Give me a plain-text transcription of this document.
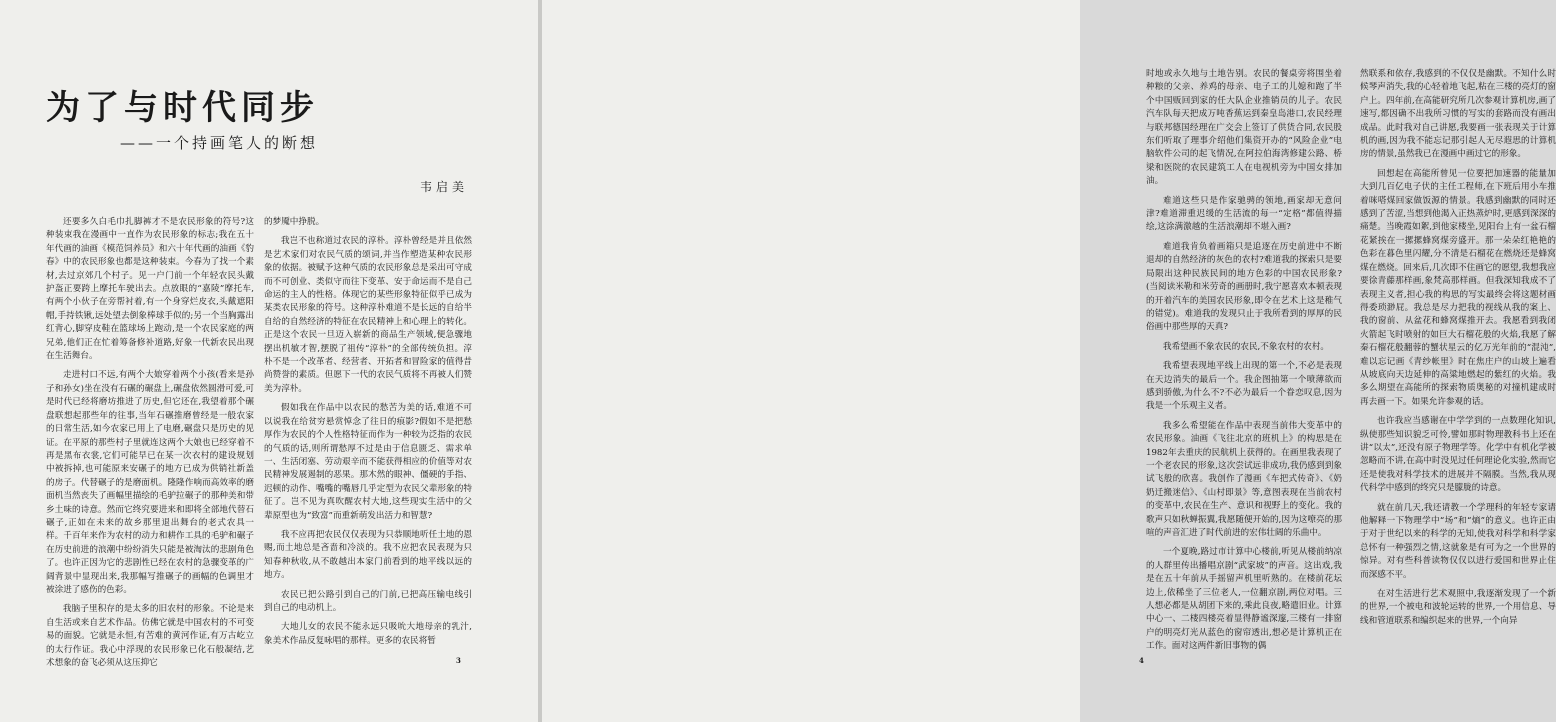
为了与时代同步
——一个持画笔人的断想
韦启美

还要多久白毛巾扎脚裤才不是农民形象的符号?这种装束我在漫画中一直作为农民形象的标志;我在五十年代画的油画《模范饲养员》和六十年代画的油画《豹春》中的农民形象也都是这种装束。今春为了找一个素材,去过京郊几个村子。见一户门前一个年轻农民头戴护盔正要跨上摩托车驶出去。点放眼的“嘉陵”摩托车,有两个小伙子在旁帮衬着,有一个身穿烂皮衣,头戴遮阳帽,手持铁锹,远处望去倒象棒球手似的;另一个当胸露出红背心,脚穿皮鞋在篮球场上跑动,是一个农民家庭的两兄弟,他们正在忙着筹备修补道路,好象一代新农民出现在生活舞台。

走进村口不远,有两个大娘穿着两个小孩(看来是孙子和孙女)坐在没有石碾的碾盘上,碾盘依然圆滑可爱,可是时代已经将磨坊推进了历史,但它还在,我望着那个碾盘联想起那些年的往事,当年石碾推磨曾经是一般农家的日常生活,如今农家已用上了电磨,碾盘只是历史的见证。在平原的那些村子里就连这两个大娘也已经穿着不再是黑布衣裳,它们可能早已在某一次衣村的建设规划中被拆掉,也可能原来安碾子的地方已成为供销社新盖的房子。代替碾子的是磨面机。隆隆作响而高效率的磨面机当然丧失了画幅里描绘的毛驴拉碾子的那种美和带乡土味的诗意。然而它终究要进来和即将全部地代替石碾子,正如在未来的故乡那里退出舞台的老式农具一样。千百年来作为农村的动力和耕作工具的毛驴和碾子在历史前进的浪潮中纷纷消失只能是被淘汰的悲剧角色了。也许正因为它的悲剧性已经在农村的急骤变革的广阔背景中显现出来,我那幅写推碾子的画幅的色调里才被涂进了感伤的色彩。

我脑子里积存的是太多的旧农村的形象。不论是来自生活或来自艺术作品。仿佛它就是中国农村的不可变易的面貌。它就是永恒,有苦难的黄河作证,有万古屹立的太行作证。我心中浮现的农民形象已化石般凝结,艺术想象的奋飞必须从这压抑它

的梦魇中挣脱。

我岂不也称道过农民的淳朴。淳朴曾经是并且依然是艺术家们对农民气质的颂词,并当作塑造某种农民形象的依据。被赋予这种气质的农民形象总是采出可守成而不可创业、类似守而往下变革、安于命运而不是自己命运的主人的性格。体现它的某些形象特征似乎已成为某类农民形象的符号。这种淳朴难道不是长远的自给半自给的自然经济的特征在农民精神上和心理上的转化。正是这个农民一旦迈入崭新的商品生产领域,便急骤地摆出机敏才智,摆脱了祖传“淳朴”的全部传统负担。淳朴不是一个改革者、经营者、开拓者和冒险家的值得昔尚赞誉的素质。但愿下一代的农民气质将不再被人们赞美为淳朴。

假如我在作品中以农民的愁苦为美的话,难道不可以说我在给贫穷悬赏悼念了往日的痕影?假如不是把愁厚作为农民的个人性格特征而作为一种较为泛指的农民的气质的话,则所谓愁厚不过是由于信息匮乏、需求单一、生活闭塞、劳动艰辛而不能获得相应的价值等对农民精神发展遏制的恶果。那木然的眼神、僵硬的手指、迟顿的动作、嘴嘴的嘴唇几乎定型为农民父辈形象的特征了。岂不见为真吹醒农村大地,这些现实生活中的父辈原型也为“致富”而重新萌发出活力和智慧?

我不应再把农民仅仅表现为只恭顺地听任土地的恩赐,而土地总是吝啬和冷淡的。我不应把农民表现为只知春种秋收,从不敢越出本家门前看到的地平线以远的地方。

农民已把公路引到自己的门前,已把高压输电线引到自己的电动机上。

大地儿女的农民不能永远只吸吮大地母亲的乳汁,象美术作品反复咏唱的那样。更多的农民将暂

3

时地或永久地与土地告别。农民的餐桌旁将围坐着种粮的父亲、养鸡的母亲、电子工的儿媳和跑了半个中国贩回到家的任大队企业推销员的儿子。农民汽车队每天把成万吨香蕉运到秦皇岛港口,农民经理与联邦德国经理在广交会上签订了供货合同,农民股东们听取了理事介绍他们集资开办的“风险企业”电脑软件公司的起飞情况,在阿拉伯海湾修建公路、桥梁和医院的农民建筑工人在电视机旁为中国女排加油。

难道这些只是作家驰骋的领地,画家却无意问津?难道滞重迟缓的生活流的每一“定格”都值得描绘,这涂满激越的生活浪潮却不堪入画?

难道我肯负着画箱只是追逐在历史前进中不断退却的自然经济的灰色的农村?难道我的探索只是要局限出这种民族民间的地方色彩的中国农民形象?(当阅读米勒和米劳奇的画册时,我宁愿喜欢本顿表现的开着汽车的美国农民形象,即令在艺术上这是稚气的错觉)。难道我的发现只止于我所看到的厚厚的民俗画中那些厚的天真?

我希望画不象农民的农民,不象农村的农村。

我希望表现地平线上出现的第一个,不必是表现在天边消失的最后一个。我企图抽第一个喷薄欲而感到骄傲,为什么不?不必为最后一个眷恋叹息,因为我是一个乐观主义者。

我多么希望能在作品中表现当前伟大变革中的农民形象。油画《飞往北京的班机上》的构思是在1982年去重庆的民航机上获得的。在画里我表现了一个老农民的形象,这次尝试远非成功,我仍感到到象试飞般的欣喜。我创作了漫画《车把式传奇》、《奶奶迁搬迷信》、《山村即景》等,意图表现在当前农村的变革中,农民在生产、意识和视野上的变化。我的歌声只如秋蝉振翼,我愿随便开始的,因为这嘹亮的那喧的声音汇进了时代前进的宏伟壮阔的乐曲中。

一个夏晚,路过市计算中心楼前,听见从楼前纳凉的人群里传出播唱京剧“武家坡”的声音。这出戏,我是在五十年前从手摇留声机里听熟的。在楼前花坛边上,依稀坐了三位老人,一位翻京剧,两位对唱。三人想必都是从胡团下来的,乘此良夜,略遣旧业。计算中心一、二楼四楼亮着显得静谧深邃,三楼有一排窗户的明亮灯光从蓝色的窗帘透出,想必是计算机正在工作。面对这两件新旧事物的偶

然联系和依存,我感到的不仅仅是幽默。不知什么时候琴声消失,我的心轻着地飞起,粘在三楼的亮灯的窗户上。四年前,在高能研究所几次参观计算机房,画了速写,都因确不出我所习惯的写实的套路而没有画出成品。此时我对自己讲愿,我要画一张表现关于计算机的画,因为我不能忘记那引起人无尽遐思的计算机房的情景,虽然我已在漫画中画过它的形象。

回想起在高能所曾见一位要把加速器的能量加大到几百亿电子伏的主任工程师,在下班后用小车推着咪嗒煤回家做饭源的情景。我感到幽默的同时还感到了苦涩,当想到他渴入正热蒸炉时,更感到深深的痛楚。当晚霞如絮,到他家楼坐,见阳台上有一盆石榴花紧挨在一摞摞蜂窝煤旁盛开。那一朵朵红艳艳的色彩在暮色里闪耀,分不清是石榴花在燃烧还是蜂窝煤在燃烧。回来后,几次即不住画它的愿望,我想我应要徐青藤那样画,象梵高那样画。但我深知我成不了表现主义者,担心我的构思的写实最终会将这题材画得委琐渺屁。我总是尽力把我的视线从我的案上、我的窗前、从盆花和蜂窝煤推开去。我愿看到我闭火箭起飞时喷射的如巨大石榴花般的火焰,我愿了解秦石榴花般翻蓉的蟹状星云的亿万光年前的“混沌”,难以忘记画《青纱帐里》时在焦庄户的山坡上遍看从坡底向天边延伸的高粱地燃起的紫红的火焰。我多么期望在高能所的探索物质奥秘的对撞机建成时再去画一下。如果允许参观的话。

也许我应当感谢在中学学到的一点数理化知识,纵使那些知识貌乏可怜,譬如那时物理教科书上还在讲“以太”,还没有原子物理学等。化学中有机化学被忽略而不讲,在高中时没见过任何理论化实验,然而它还是使我对科学技术的进展并不隔膜。当然,我从现代科学中感到的终究只是朦胧的诗意。

就在前几天,我还请教一个学理科的年轻专家请他解释一下物理学中“场”和“熵”的意义。也许正由于对于世纪以来的科学的无知,使我对科学和科学家总怀有一种强烈之情,这就象是有可为之一个世界的惊异。对有些科普读物仅仅以进行爱国和世界止住而深感不平。

在对生活进行艺术观照中,我逐渐发现了一个新的世界,一个被电和波轮运转的世界,一个用信息、导线和管道联系和编织起来的世界,一个向异

4
